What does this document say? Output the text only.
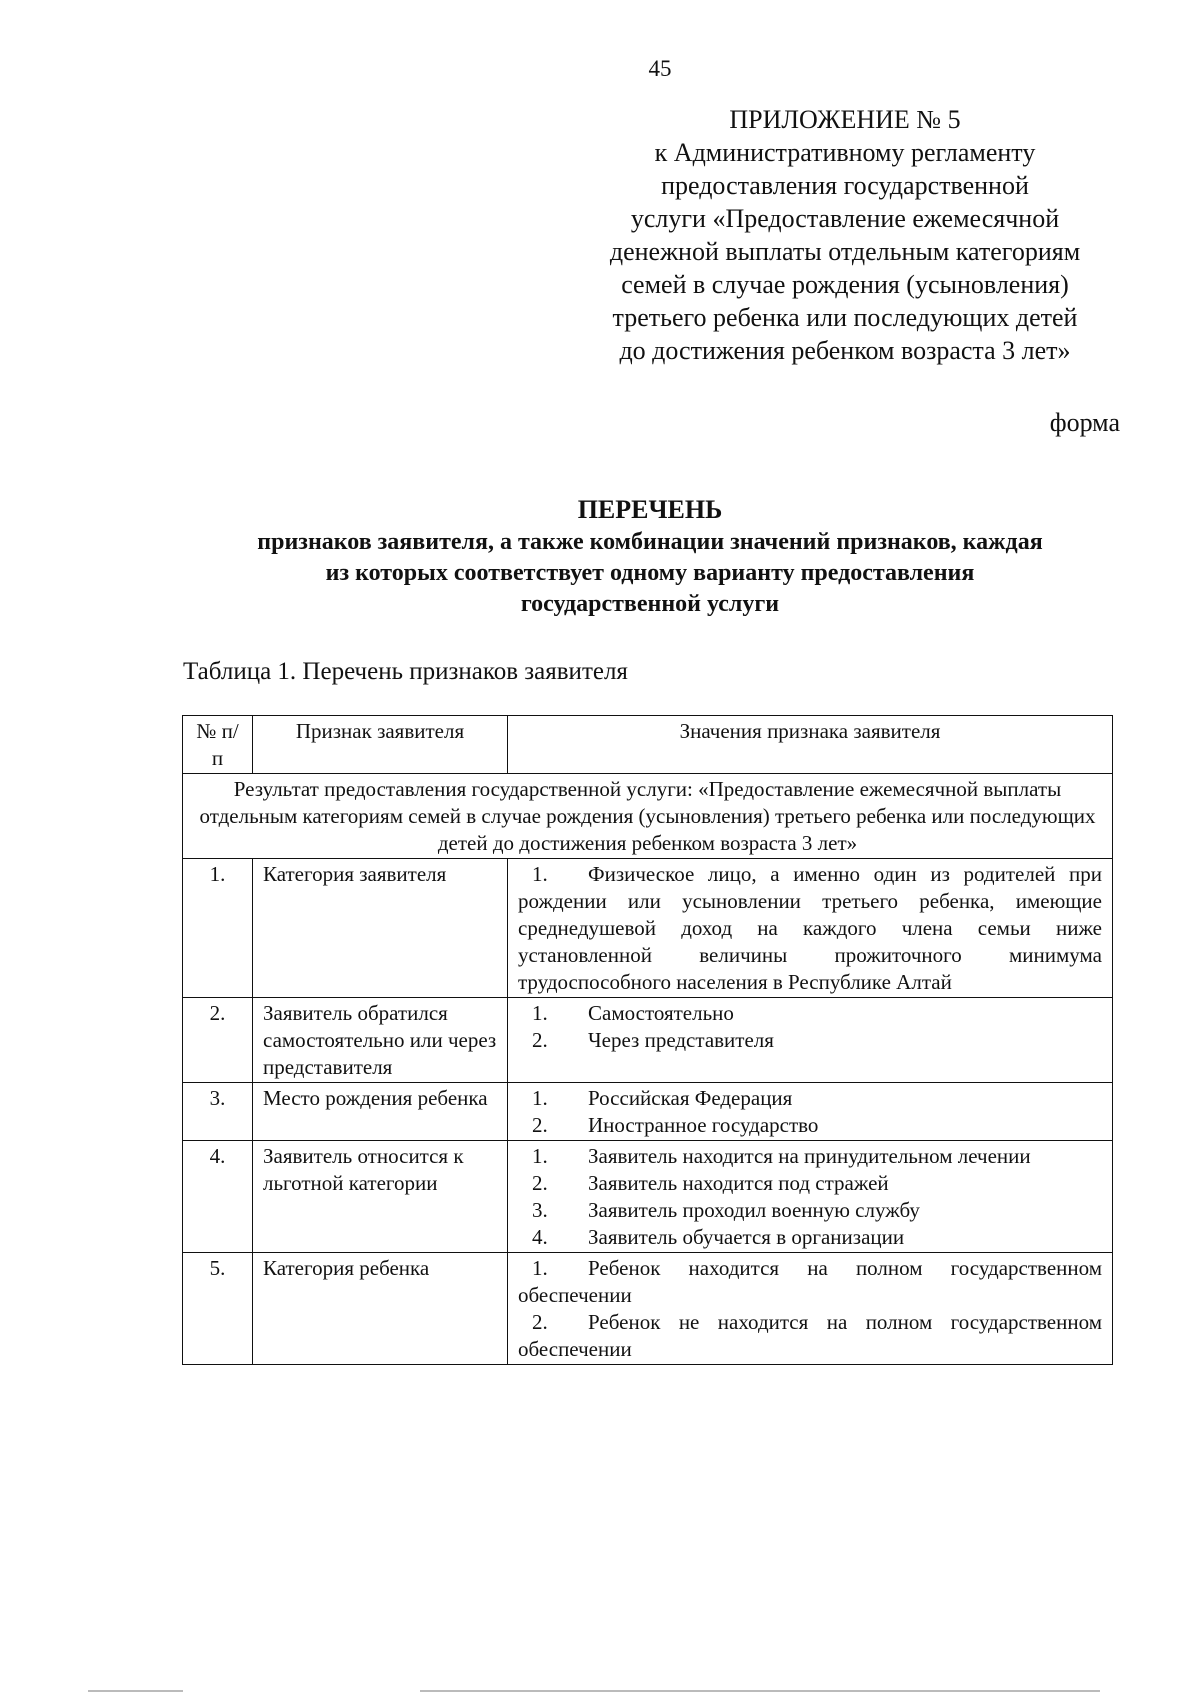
45
ПРИЛОЖЕНИЕ № 5
к Административному регламенту
предоставления государственной
услуги «Предоставление ежемесячной
денежной выплаты отдельным категориям
семей в случае рождения (усыновления)
третьего ребенка или последующих детей
до достижения ребенком возраста 3 лет»
форма
ПЕРЕЧЕНЬ
признаков заявителя, а также комбинации значений признаков, каждая
из которых соответствует одному варианту предоставления
государственной услуги
Таблица 1. Перечень признаков заявителя
№ п/п	Признак заявителя	Значения признака заявителя
Результат предоставления государственной услуги: «Предоставление ежемесячной выплаты отдельным категориям семей в случае рождения (усыновления) третьего ребенка или последующих детей до достижения ребенком возраста 3 лет»		
1.	Категория заявителя	1. Физическое лицо, а именно один из родителей при рождении или усыновлении третьего ребенка, имеющие среднедушевой доход на каждого члена семьи ниже установленной величины прожиточного минимума трудоспособного населения в Республике Алтай

2.	Заявитель обратился самостоятельно или через представителя	1. Самостоятельно
2. Через представителя

3.	Место рождения ребенка	1. Российская Федерация
2. Иностранное государство

4.	Заявитель относится к льготной категории	1. Заявитель находится на принудительном лечении
2. Заявитель находится под стражей
3. Заявитель проходил военную службу
4. Заявитель обучается в организации

5.	Категория ребенка	1. Ребенок находится на полном государственном обеспечении
2. Ребенок не находится на полном государственном обеспечении
